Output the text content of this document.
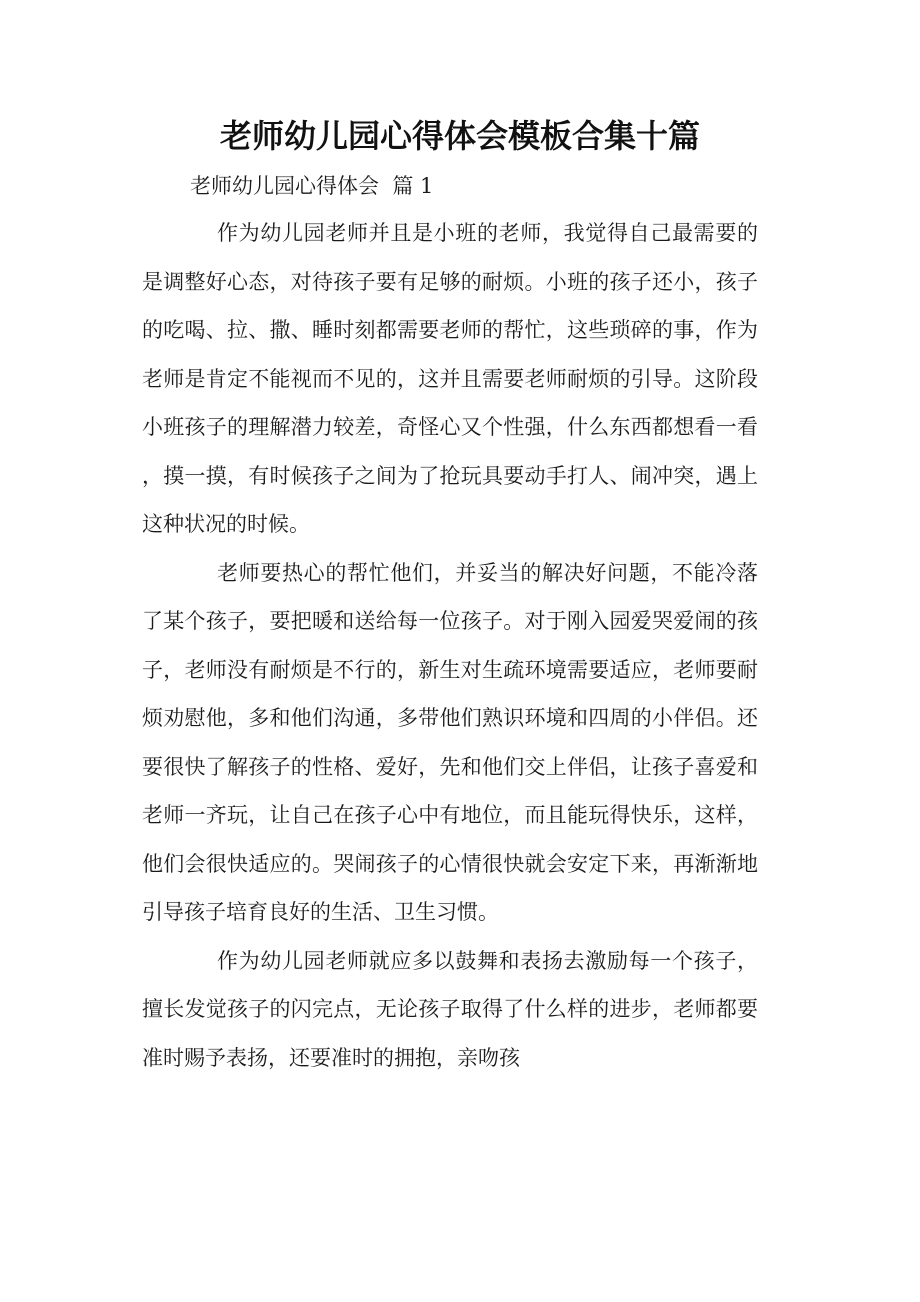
老师幼儿园心得体会模板合集十篇

老师幼儿园心得体会  篇 1

作为幼儿园老师并且是小班的老师，我觉得自己最需要的是调整好心态，对待孩子要有足够的耐烦。小班的孩子还小，孩子的吃喝、拉、撒、睡时刻都需要老师的帮忙，这些琐碎的事，作为老师是肯定不能视而不见的，这并且需要老师耐烦的引导。这阶段小班孩子的理解潜力较差，奇怪心又个性强，什么东西都想看一看，摸一摸，有时候孩子之间为了抢玩具要动手打人、闹冲突，遇上这种状况的时候。

老师要热心的帮忙他们，并妥当的解决好问题，不能冷落了某个孩子，要把暖和送给每一位孩子。对于刚入园爱哭爱闹的孩子，老师没有耐烦是不行的，新生对生疏环境需要适应，老师要耐烦劝慰他，多和他们沟通，多带他们熟识环境和四周的小伴侣。还要很快了解孩子的性格、爱好，先和他们交上伴侣，让孩子喜爱和老师一齐玩，让自己在孩子心中有地位，而且能玩得快乐，这样，他们会很快适应的。哭闹孩子的心情很快就会安定下来，再渐渐地引导孩子培育良好的生活、卫生习惯。

作为幼儿园老师就应多以鼓舞和表扬去激励每一个孩子，擅长发觉孩子的闪完点，无论孩子取得了什么样的进步，老师都要准时赐予表扬，还要准时的拥抱，亲吻孩
